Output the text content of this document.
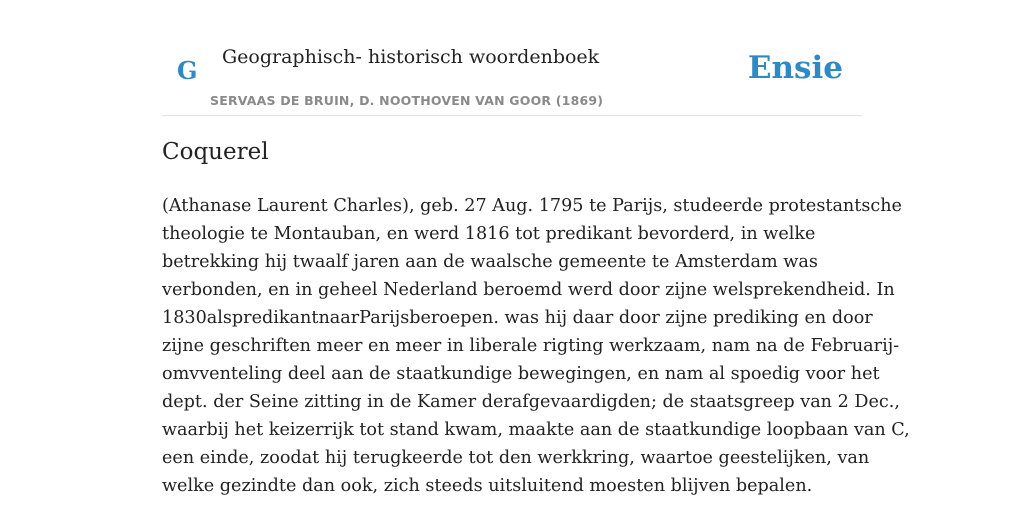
G Geographisch- historisch woordenboek
SERVAAS DE BRUIN, D. NOOTHOVEN VAN GOOR (1869)
Ensie
Coquerel

(Athanase Laurent Charles), geb. 27 Aug. 1795 te Parijs, studeerde protestantsche
theologie te Montauban, en werd 1816 tot predikant bevorderd, in welke
betrekking hij twaalf jaren aan de waalsche gemeente te Amsterdam was
verbonden, en in geheel Nederland beroemd werd door zijne welsprekendheid. In
1830alspredikantnaarParijsberoepen. was hij daar door zijne prediking en door
zijne geschriften meer en meer in liberale rigting werkzaam, nam na de Februarij-
omvventeling deel aan de staatkundige bewegingen, en nam al spoedig voor het
dept. der Seine zitting in de Kamer derafgevaardigden; de staatsgreep van 2 Dec.,
waarbij het keizerrijk tot stand kwam, maakte aan de staatkundige loopbaan van C,
een einde, zoodat hij terugkeerde tot den werkkring, waartoe geestelijken, van
welke gezindte dan ook, zich steeds uitsluitend moesten blijven bepalen.
